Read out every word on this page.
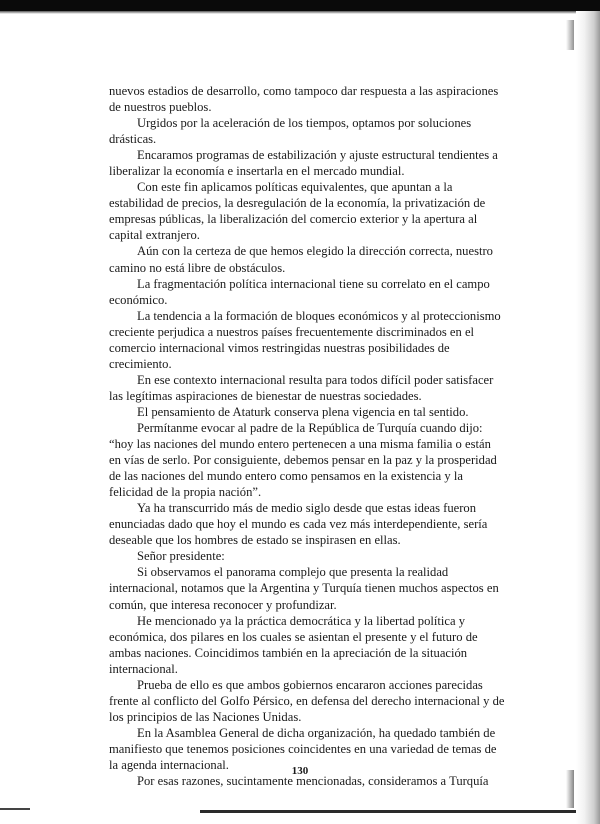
nuevos estadios de desarrollo, como tampoco dar respuesta a las aspiraciones de nuestros pueblos.

Urgidos por la aceleración de los tiempos, optamos por soluciones drásticas.

Encaramos programas de estabilización y ajuste estructural tendientes a liberalizar la economía e insertarla en el mercado mundial.

Con este fin aplicamos políticas equivalentes, que apuntan a la estabilidad de precios, la desregulación de la economía, la privatización de empresas públicas, la liberalización del comercio exterior y la apertura al capital extranjero.

Aún con la certeza de que hemos elegido la dirección correcta, nuestro camino no está libre de obstáculos.

La fragmentación política internacional tiene su correlato en el campo económico.

La tendencia a la formación de bloques económicos y al proteccionismo creciente perjudica a nuestros países frecuentemente discriminados en el comercio internacional vimos restringidas nuestras posibilidades de crecimiento.

En ese contexto internacional resulta para todos difícil poder satisfacer las legítimas aspiraciones de bienestar de nuestras sociedades.

El pensamiento de Ataturk conserva plena vigencia en tal sentido.

Permítanme evocar al padre de la República de Turquía cuando dijo: “hoy las naciones del mundo entero pertenecen a una misma familia o están en vías de serlo. Por consiguiente, debemos pensar en la paz y la prosperidad de las naciones del mundo entero como pensamos en la existencia y la felicidad de la propia nación”.

Ya ha transcurrido más de medio siglo desde que estas ideas fueron enunciadas dado que hoy el mundo es cada vez más interdependiente, sería deseable que los hombres de estado se inspirasen en ellas.

Señor presidente:

Si observamos el panorama complejo que presenta la realidad internacional, notamos que la Argentina y Turquía tienen muchos aspectos en común, que interesa reconocer y profundizar.

He mencionado ya la práctica democrática y la libertad política y económica, dos pilares en los cuales se asientan el presente y el futuro de ambas naciones. Coincidimos también en la apreciación de la situación internacional.

Prueba de ello es que ambos gobiernos encararon acciones parecidas frente al conflicto del Golfo Pérsico, en defensa del derecho internacional y de los principios de las Naciones Unidas.

En la Asamblea General de dicha organización, ha quedado también de manifiesto que tenemos posiciones coincidentes en una variedad de temas de la agenda internacional.

Por esas razones, sucintamente mencionadas, consideramos a Turquía

130
